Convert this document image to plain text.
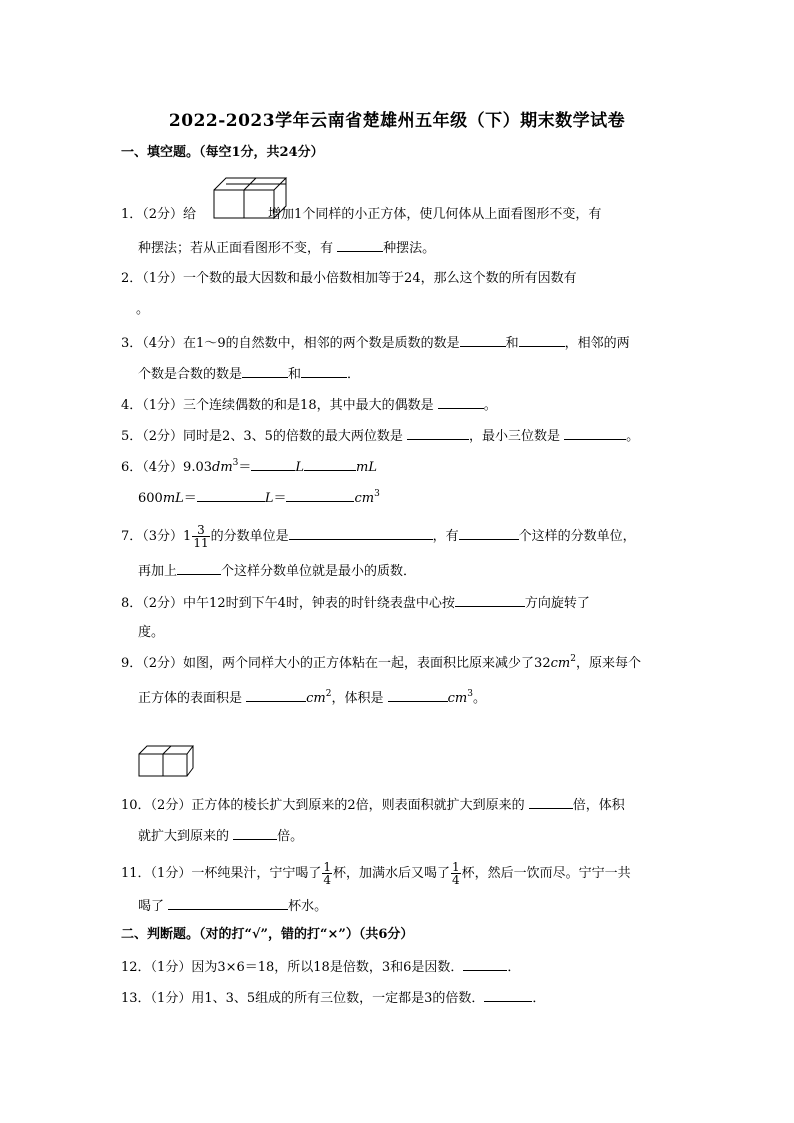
2022-2023学年云南省楚雄州五年级（下）期末数学试卷
一、填空题。（每空1分，共24分）
1．（2分）给	增加1个同样的小正方体，使几何体从上面看图形不变，有
种摆法；若从正面看图形不变，有	种摆法。
2．（1分）一个数的最大因数和最小倍数相加等于24，那么这个数的所有因数有
。
3．（4分）在1～9的自然数中，相邻的两个数是质数的数是	和	，相邻的两
个数是合数的数是	和	．
4．（1分）三个连续偶数的和是18，其中最大的偶数是	。
5．（2分）同时是2、3、5的倍数的最大两位数是	，最小三位数是	。
6．（4分）$9.03dm^3=$	L	mL
600mL＝	L＝	$cm^3$
7．（3分）$1 \frac{3}{11}$ 的分数单位是	，有	个这样的分数单位，
再加上	个这样分数单位就是最小的质数．
8．（2分）中午12时到下午4时，钟表的时针绕表盘中心按	方向旋转了
度。
9．（2分）如图，两个同样大小的正方体粘在一起，表面积比原来减少了$32cm^2$，原来每个
正方体的表面积是	$cm^2$，体积是	$cm^3$。
10．（2分）正方体的棱长扩大到原来的2倍，则表面积就扩大到原来的	倍，体积
就扩大到原来的	倍。
11．（1分）一杯纯果汁，宁宁喝了 $\frac{1}{4}$ 杯，加满水后又喝了 $\frac{1}{4}$ 杯，然后一饮而尽。宁宁一共
喝了	杯水。
二、判断题。（对的打“√”，错的打“×”）（共6分）
12．（1分）因为3×6＝18，所以18是倍数，3和6是因数．	．
13．（1分）用1、3、5组成的所有三位数，一定都是3的倍数．	．
